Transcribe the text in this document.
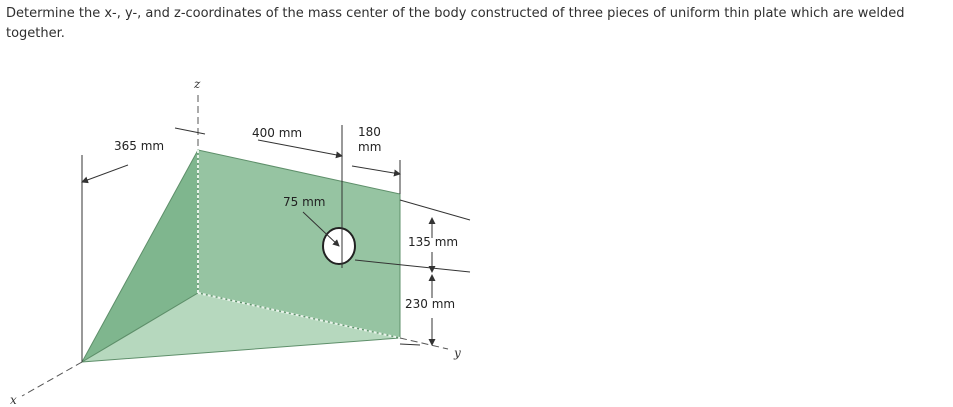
Determine the x-, y-, and z-coordinates of the mass center of the body constructed of three pieces of uniform thin plate which are welded together.

z
x
y
365 mm
400 mm	180
mm
75 mm
135 mm
230 mm
